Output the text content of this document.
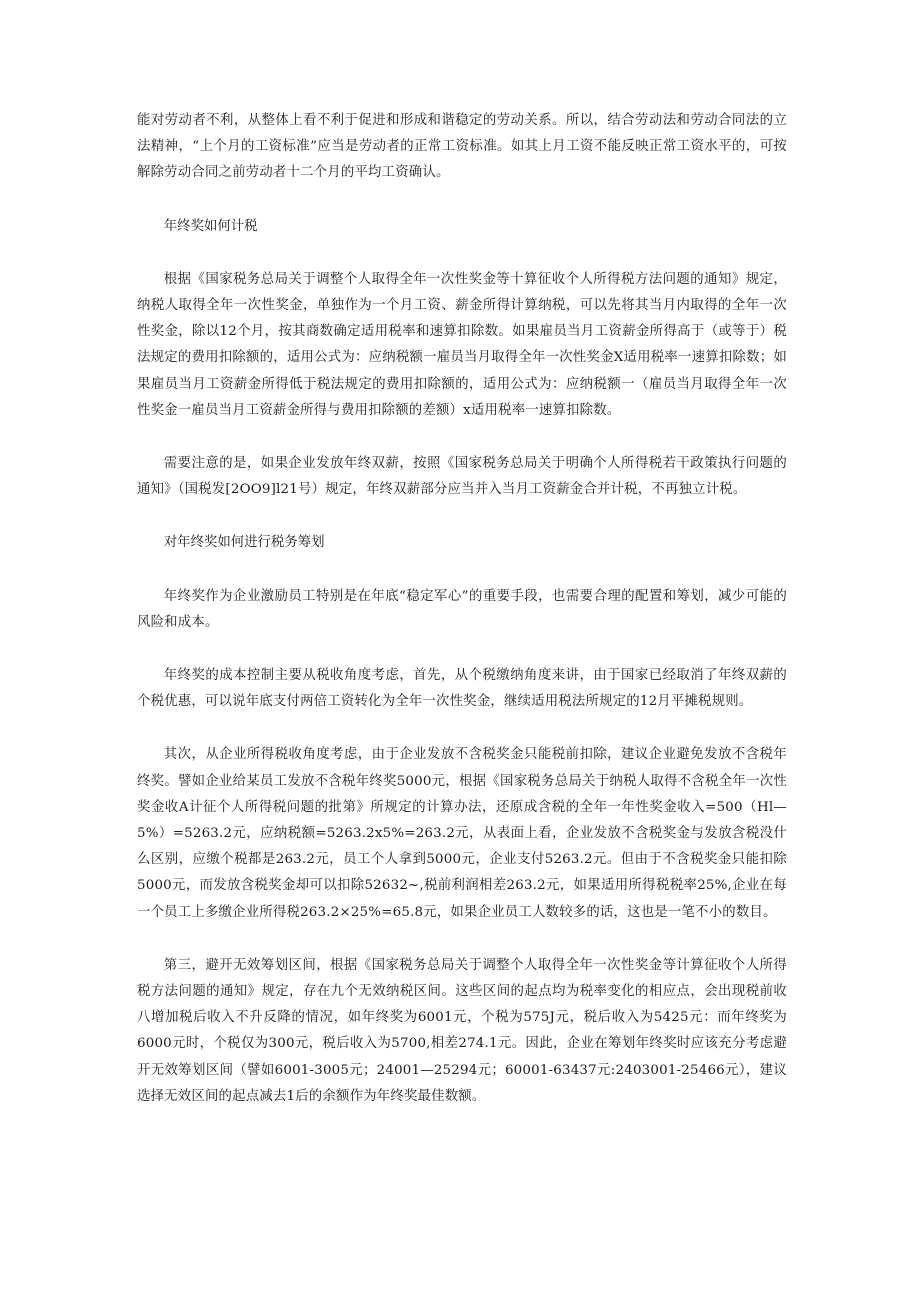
能对劳动者不利，从整体上看不利于促进和形成和谐稳定的劳动关系。所以，结合劳动法和劳动合同法的立法精神，“上个月的工资标准”应当是劳动者的正常工资标准。如其上月工资不能反映正常工资水平的，可按解除劳动合同之前劳动者十二个月的平均工资确认。

年终奖如何计税

根据《国家税务总局关于调整个人取得全年一次性奖金等十算征收个人所得税方法问题的通知》规定，纳税人取得全年一次性奖金，单独作为一个月工资、薪金所得计算纳税，可以先将其当月内取得的全年一次性奖金，除以12个月，按其商数确定适用税率和速算扣除数。如果雇员当月工资薪金所得高于（或等于）税法规定的费用扣除额的，适用公式为：应纳税额一雇员当月取得全年一次性奖金X适用税率一速算扣除数；如果雇员当月工资薪金所得低于税法规定的费用扣除额的，适用公式为：应纳税额一（雇员当月取得全年一次性奖金一雇员当月工资薪金所得与费用扣除额的差额）x适用税率一速算扣除数。

需要注意的是，如果企业发放年终双薪，按照《国家税务总局关于明确个人所得税若干政策执行问题的通知》（国税发[2OO9]l21号）规定，年终双薪部分应当并入当月工资薪金合并计税，不再独立计税。

对年终奖如何进行税务筹划

年终奖作为企业激励员工特别是在年底“稳定军心”的重要手段，也需要合理的配置和筹划，减少可能的风险和成本。

年终奖的成本控制主要从税收角度考虑，首先，从个税缴纳角度来讲，由于国家已经取消了年终双薪的个税优惠，可以说年底支付两倍工资转化为全年一次性奖金，继续适用税法所规定的12月平摊税规则。

其次，从企业所得税收角度考虑，由于企业发放不含税奖金只能税前扣除，建议企业避免发放不含税年终奖。譬如企业给某员工发放不含税年终奖5000元，根据《国家税务总局关于纳税人取得不含税全年一次性奖金收A计征个人所得税问题的批第》所规定的计算办法，还原成含税的全年一年性奖金收入=500（Hl—5%）=5263.2元，应纳税额=5263.2x5%=263.2元，从表面上看，企业发放不含税奖金与发放含税没什么区别，应缴个税都是263.2元，员工个人拿到5000元，企业支付5263.2元。但由于不含税奖金只能扣除5000元，而发放含税奖金却可以扣除52632~,税前利润相差263.2元，如果适用所得税税率25%,企业在每一个员工上多缴企业所得税263.2×25%=65.8元，如果企业员工人数较多的话，这也是一笔不小的数目。

第三，避开无效筹划区间，根据《国家税务总局关于调整个人取得全年一次性奖金等计算征收个人所得税方法问题的通知》规定，存在九个无效纳税区间。这些区间的起点均为税率变化的相应点，会出现税前收八增加税后收入不升反降的情况，如年终奖为6001元，个税为575J元，税后收入为5425元：而年终奖为6000元时，个税仅为300元，税后收入为5700,相差274.1元。因此，企业在筹划年终奖时应该充分考虑避开无效筹划区间（譬如6001-3005元；24001—25294元；60001-63437元:2403001-25466元），建议选择无效区间的起点减去1后的余额作为年终奖最佳数额。
